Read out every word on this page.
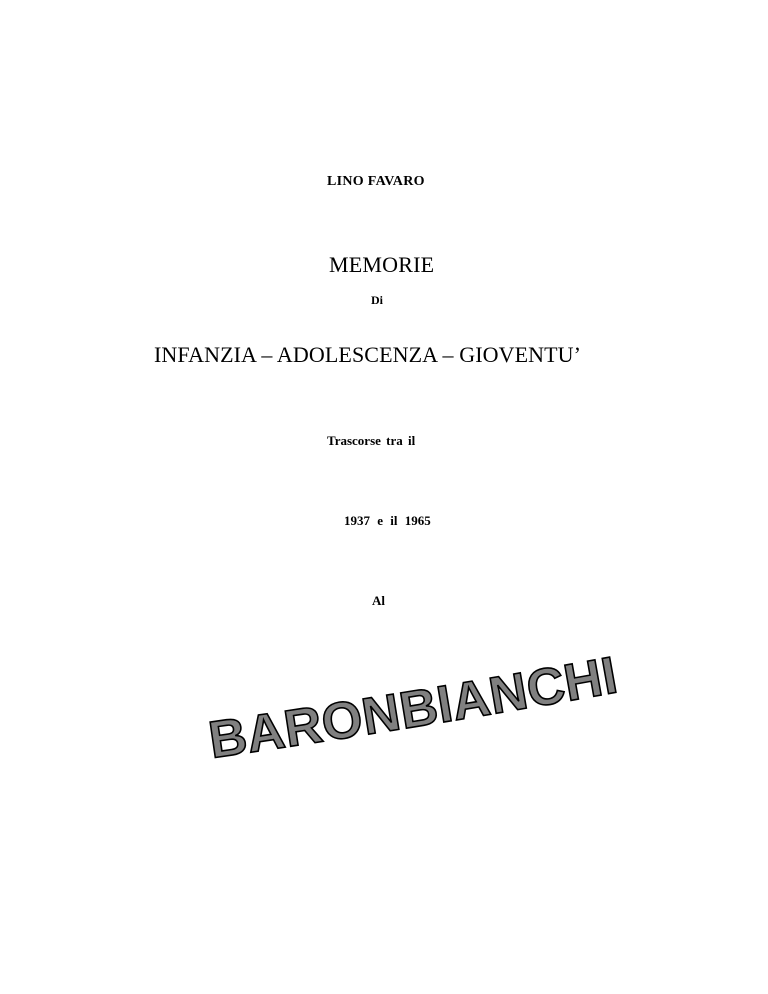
LINO FAVARO
MEMORIE
Di
INFANZIA – ADOLESCENZA – GIOVENTU’
Trascorse tra il
1937 e il 1965
Al
BARONBIANCHI
